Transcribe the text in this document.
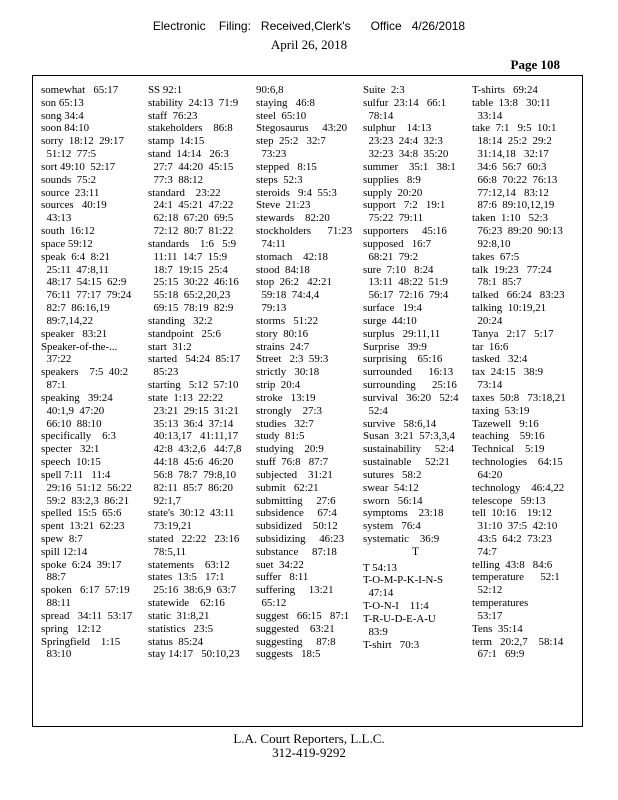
Electronic    Filing:   Received,Clerk's      Office   4/26/2018
April 26, 2018
Page 108
somewhat   65:17
son 65:13
song 34:4
soon 84:10
sorry  18:12  29:17
51:12  77:5
sort 49:10  52:17
sounds  75:2
source  23:11
sources   40:19
43:13
south  16:12
space 59:12
speak  6:4  8:21
25:11  47:8,11
48:17  54:15  62:9
76:11  77:17  79:24
82:7  86:16,19
89:7,14,22
speaker   83:21
Speaker-of-the-...
37:22
speakers    7:5  40:2
87:1
speaking   39:24
40:1,9  47:20
66:10  88:10
specifically    6:3
specter   32:1
speech  10:15
spell 7:11   11:4
29:16  51:12  56:22
59:2  83:2,3  86:21
spelled  15:5  65:6
spent  13:21  62:23
spew  8:7
spill 12:14
spoke  6:24  39:17
88:7
spoken   6:17  57:19
88:11
spread   34:11  53:17
spring   12:12
Springfield    1:15
83:10
SS 92:1
stability  24:13  71:9
staff  76:23
stakeholders    86:8
stamp  14:15
stand  14:14   26:3
27:7  44:20  45:15
77:3  88:12
standard    23:22
24:1  45:21  47:22
62:18  67:20  69:5
72:12  80:7  81:22
standards    1:6   5:9
11:11  14:7  15:9
18:7  19:15  25:4
25:15  30:22  46:16
55:18  65:2,20,23
69:15  78:19  82:9
standing   32:2
standpoint   25:6
start  31:2
started   54:24  85:17
85:23
starting   5:12  57:10
state  1:13  22:22
23:21  29:15  31:21
35:13  36:4  37:14
40:13,17   41:11,17
42:8  43:2,6   44:7,8
44:18  45:6  46:20
56:8  78:7  79:8,10
82:11  85:7  86:20
92:1,7
state's  30:12  43:11
73:19,21
stated   22:22   23:16
78:5,11
statements    63:12
states  13:5   17:1
25:16  38:6,9  63:7
statewide    62:16
static  31:8,21
statistics   23:5
status  85:24
stay 14:17   50:10,23
90:6,8
staying   46:8
steel  65:10
Stegosaurus     43:20
step  25:2   32:7
73:23
stepped   8:15
steps  52:3
steroids   9:4  55:3
Steve  21:23
stewards    82:20
stockholders      71:23
74:11
stomach    42:18
stood  84:18
stop  26:2   42:21
59:18  74:4,4
79:13
storms   51:22
story  80:16
strains  24:7
Street   2:3  59:3
strictly   30:18
strip  20:4
stroke   13:19
strongly    27:3
studies   32:7
study  81:5
studying    20:9
stuff  76:8   87:7
subjected    31:21
submit   62:21
submitting     27:6
subsidence     67:4
subsidized    50:12
subsidizing     46:23
substance     87:18
suet  34:22
suffer   8:11
suffering     13:21
65:12
suggest   66:15   87:1
suggested    63:21
suggesting     87:8
suggests   18:5
Suite  2:3
sulfur  23:14   66:1
78:14
sulphur    14:13
23:23  24:4  32:3
32:23  34:8  35:20
summer    35:1   38:1
supplies   8:9
supply  20:20
support   7:2   19:1
75:22  79:11
supporters     45:16
supposed   16:7
68:21  79:2
sure  7:10   8:24
13:11  48:22  51:9
56:17  72:16  79:4
surface   19:4
surge  44:10
surplus   29:11,11
Surprise   39:9
surprising    65:16
surrounded      16:13
surrounding      25:16
survival   36:20   52:4
52:4
survive   58:6,14
Susan  3:21  57:3,3,4
sustainability     52:4
sustainable     52:21
sutures   58:2
swear  54:12
sworn   56:14
symptoms    23:18
system   76:4
systematic    36:9
T
T 54:13
T-O-M-P-K-I-N-S
47:14
T-O-N-I    11:4
T-R-U-D-E-A-U
83:9
T-shirt   70:3
T-shirts   69:24
table  13:8   30:11
33:14
take  7:1   9:5  10:1
18:14  25:2  29:2
31:14,18   32:17
34:6  56:7  60:3
66:8  70:22  76:13
77:12,14   83:12
87:6  89:10,12,19
taken  1:10   52:3
76:23  89:20  90:13
92:8,10
takes  67:5
talk  19:23   77:24
78:1  85:7
talked   66:24   83:23
talking  10:19,21
20:24
Tanya   2:17   5:17
tar  16:6
tasked   32:4
tax  24:15   38:9
73:14
taxes  50:8   73:18,21
taxing  53:19
Tazewell   9:16
teaching    59:16
Technical    5:19
technologies    64:15
64:20
technology    46:4,22
telescope   59:13
tell  10:16    19:12
31:10  37:5  42:10
43:5  64:2  73:23
74:7
telling  43:8   84:6
temperature      52:1
52:12
temperatures
53:17
Tens  35:14
term   20:2,7    58:14
67:1   69:9
L.A. Court Reporters, L.L.C.
312-419-9292
